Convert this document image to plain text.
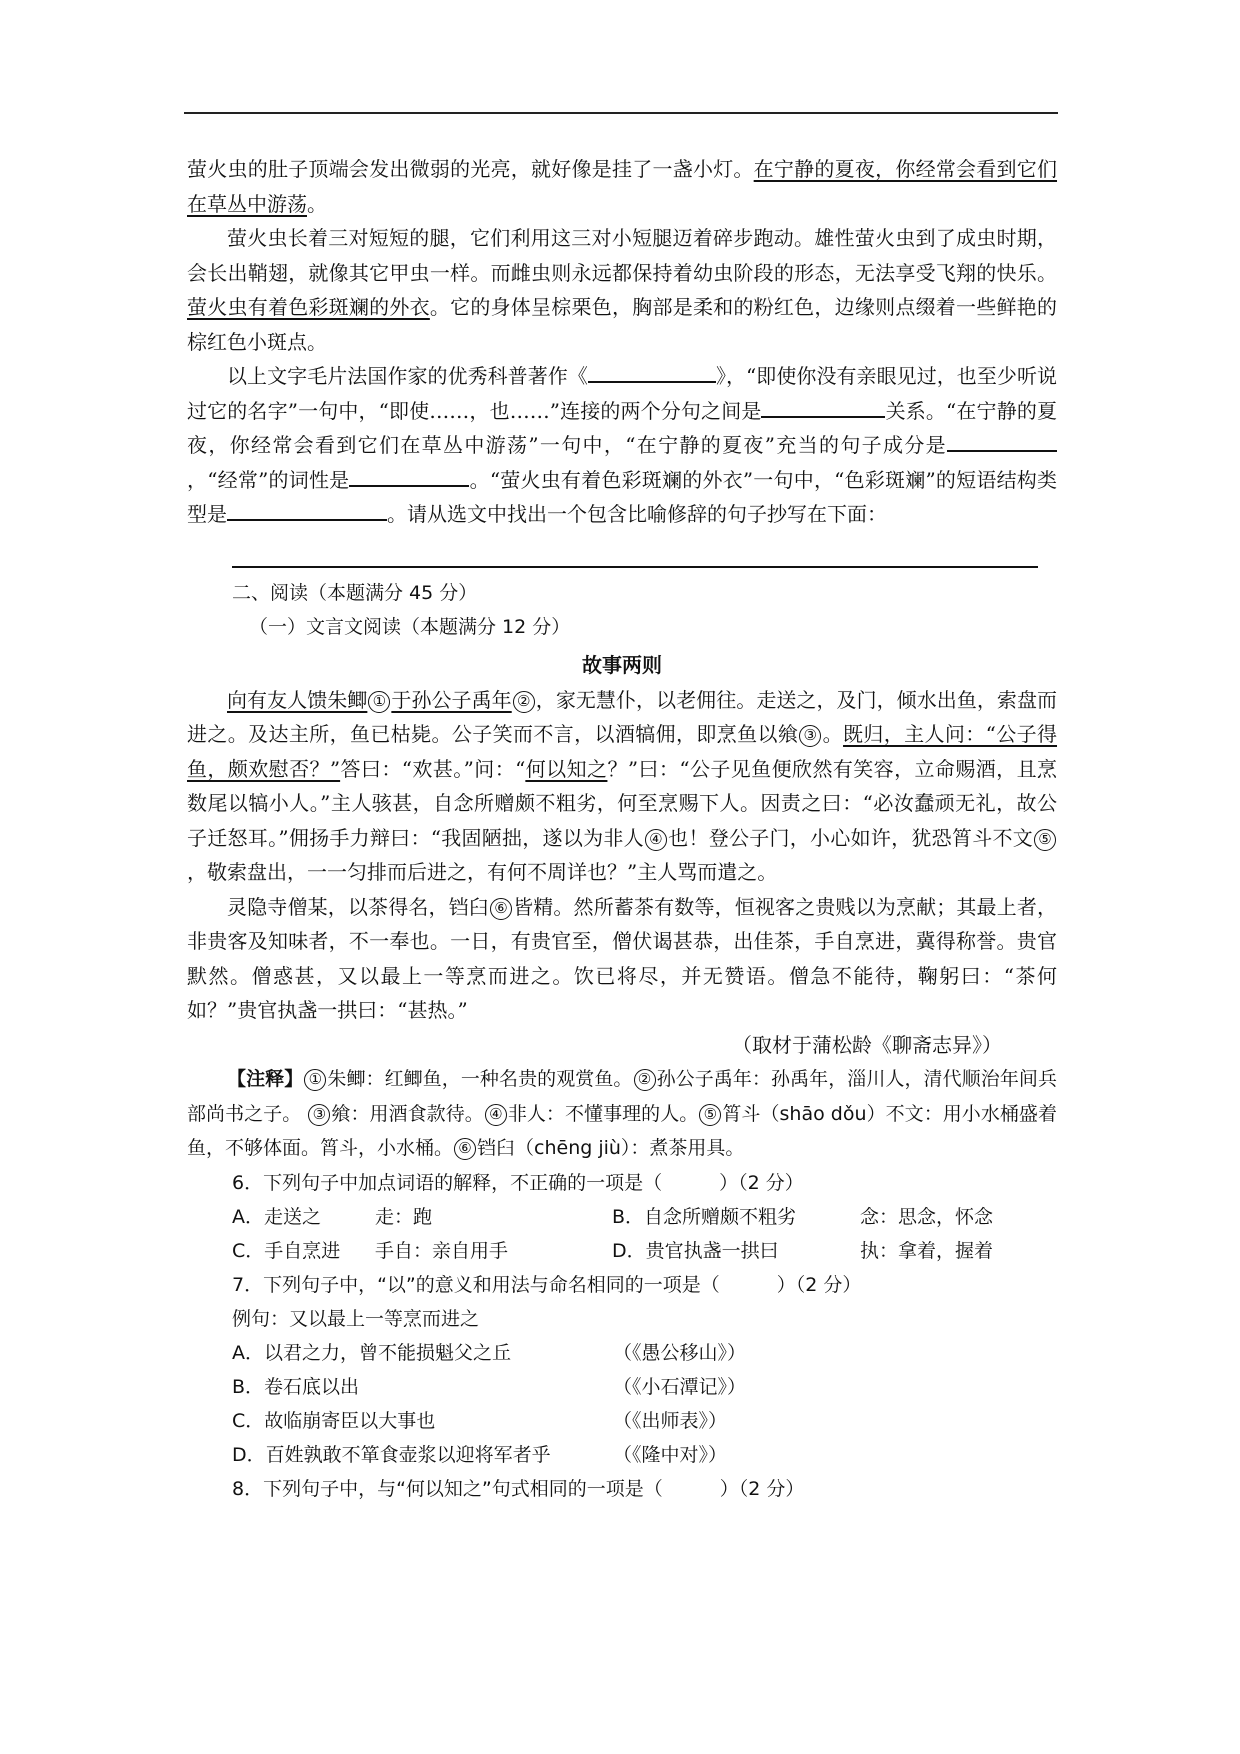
萤火虫的肚子顶端会发出微弱的光亮，就好像是挂了一盏小灯。在宁静的夏夜，你经常会看到它们在草丛中游荡。

萤火虫长着三对短短的腿，它们利用这三对小短腿迈着碎步跑动。雄性萤火虫到了成虫时期，会长出鞘翅，就像其它甲虫一样。而雌虫则永远都保持着幼虫阶段的形态，无法享受飞翔的快乐。萤火虫有着色彩斑斓的外衣。它的身体呈棕栗色，胸部是柔和的粉红色，边缘则点缀着一些鲜艳的棕红色小斑点。

以上文字毛片法国作家的优秀科普著作《	》，“即使你没有亲眼见过，也至少听说过它的名字”一句中，“即使……，也……”连接的两个分句之间是	关系。“在宁静的夏夜，你经常会看到它们在草丛中游荡”一句中，“在宁静的夏夜”充当的句子成分是，“经常”的词性是	。“萤火虫有着色彩斑斓的外衣”一句中，“色彩斑斓”的短语结构类型是	。请从选文中找出一个包含比喻修辞的句子抄写在下面：

二、阅读（本题满分 45 分）
（一）文言文阅读（本题满分 12 分）
故事两则

向有友人馈朱鲫 ① 于孙公子禹年 ② ，家无慧仆，以老佣往。走送之，及门，倾水出鱼，索盘而进之。及达主所，鱼已枯毙。公子笑而不言，以酒犒佣，即烹鱼以飨 ③ 。既归，主人问：“公子得鱼，颇欢慰否？”答曰：“欢甚。”问：“何以知之？”曰：“公子见鱼便欣然有笑容，立命赐酒，且烹数尾以犒小人。”主人骇甚，自念所赠颇不粗劣，何至烹赐下人。因责之曰：“必汝蠢顽无礼，故公子迁怒耳。”佣扬手力辩曰：“我固陋拙，遂以为非人 ④ 也！登公子门，小心如许，犹恐筲斗不文 ⑤，敬索盘出，一一匀排而后进之，有何不周详也？”主人骂而遣之。

灵隐寺僧某，以茶得名，铛臼 ⑥ 皆精。然所蓄茶有数等，恒视客之贵贱以为烹献；其最上者，非贵客及知味者，不一奉也。一日，有贵官至，僧伏谒甚恭，出佳茶，手自烹进，冀得称誉。贵官默然。僧惑甚，又以最上一等烹而进之。饮已将尽，并无赞语。僧急不能待，鞠躬曰：“茶何如？”贵官执盏一拱曰：“甚热。”

（取材于蒲松龄《聊斋志异》）

【注释】 ① 朱鲫：红鲫鱼，一种名贵的观赏鱼。 ② 孙公子禹年：孙禹年，淄川人，清代顺治年间兵部尚书之子。 ③ 飨：用酒食款待。 ④ 非人：不懂事理的人。 ⑤ 筲斗（shāo dǒu）不文：用小水桶盛着鱼，不够体面。筲斗，小水桶。 ⑥ 铛臼（chēng jiù）：煮茶用具。

6．下列句子中加点词语的解释，不正确的一项是（　　　）（2 分）
A．走送之	走：跑	B．自念所赠颇不粗劣	念：思念，怀念
C．手自烹进 手自：亲自用手	D．贵官执盏一拱曰	执：拿着，握着
7．下列句子中，“以”的意义和用法与命名相同的一项是（　　　）（2 分）
例句：又以最上一等烹而进之
A．以君之力，曾不能损魁父之丘	（《愚公移山》）
B．卷石底以出	（《小石潭记》）
C．故临崩寄臣以大事也	（《出师表》）
D．百姓孰敢不箪食壶浆以迎将军者乎	（《隆中对》）
8．下列句子中，与“何以知之”句式相同的一项是（　　　）（2 分）
